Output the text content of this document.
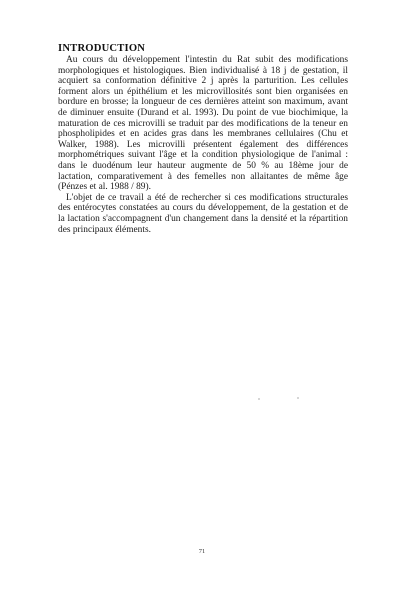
INTRODUCTION

Au cours du développement l'intestin du Rat subit des modifications morphologiques et histologiques. Bien individualisé à 18 j de gestation, il acquiert sa conformation définitive 2 j après la parturition. Les cellules forment alors un épithélium et les microvillosités sont bien organisées en bordure en brosse; la longueur de ces dernières atteint son maximum, avant de diminuer ensuite (Durand et al. 1993). Du point de vue biochimique, la maturation de ces microvilli se traduit par des modifications de la teneur en phospholipides et en acides gras dans les membranes cellulaires (Chu et Walker, 1988). Les microvilli présentent également des différences morphométriques suivant l'âge et la condition physiologique de l'animal : dans le duodénum leur hauteur augmente de 50 % au 18ème jour de lactation, comparativement à des femelles non allaitantes de même âge (Pénzes et al. 1988 / 89).

L'objet de ce travail a été de rechercher si ces modifications structurales des entérocytes constatées au cours du développement, de la gestation et de la lactation s'accompagnent d'un changement dans la densité et la répartition des principaux éléments.

71
